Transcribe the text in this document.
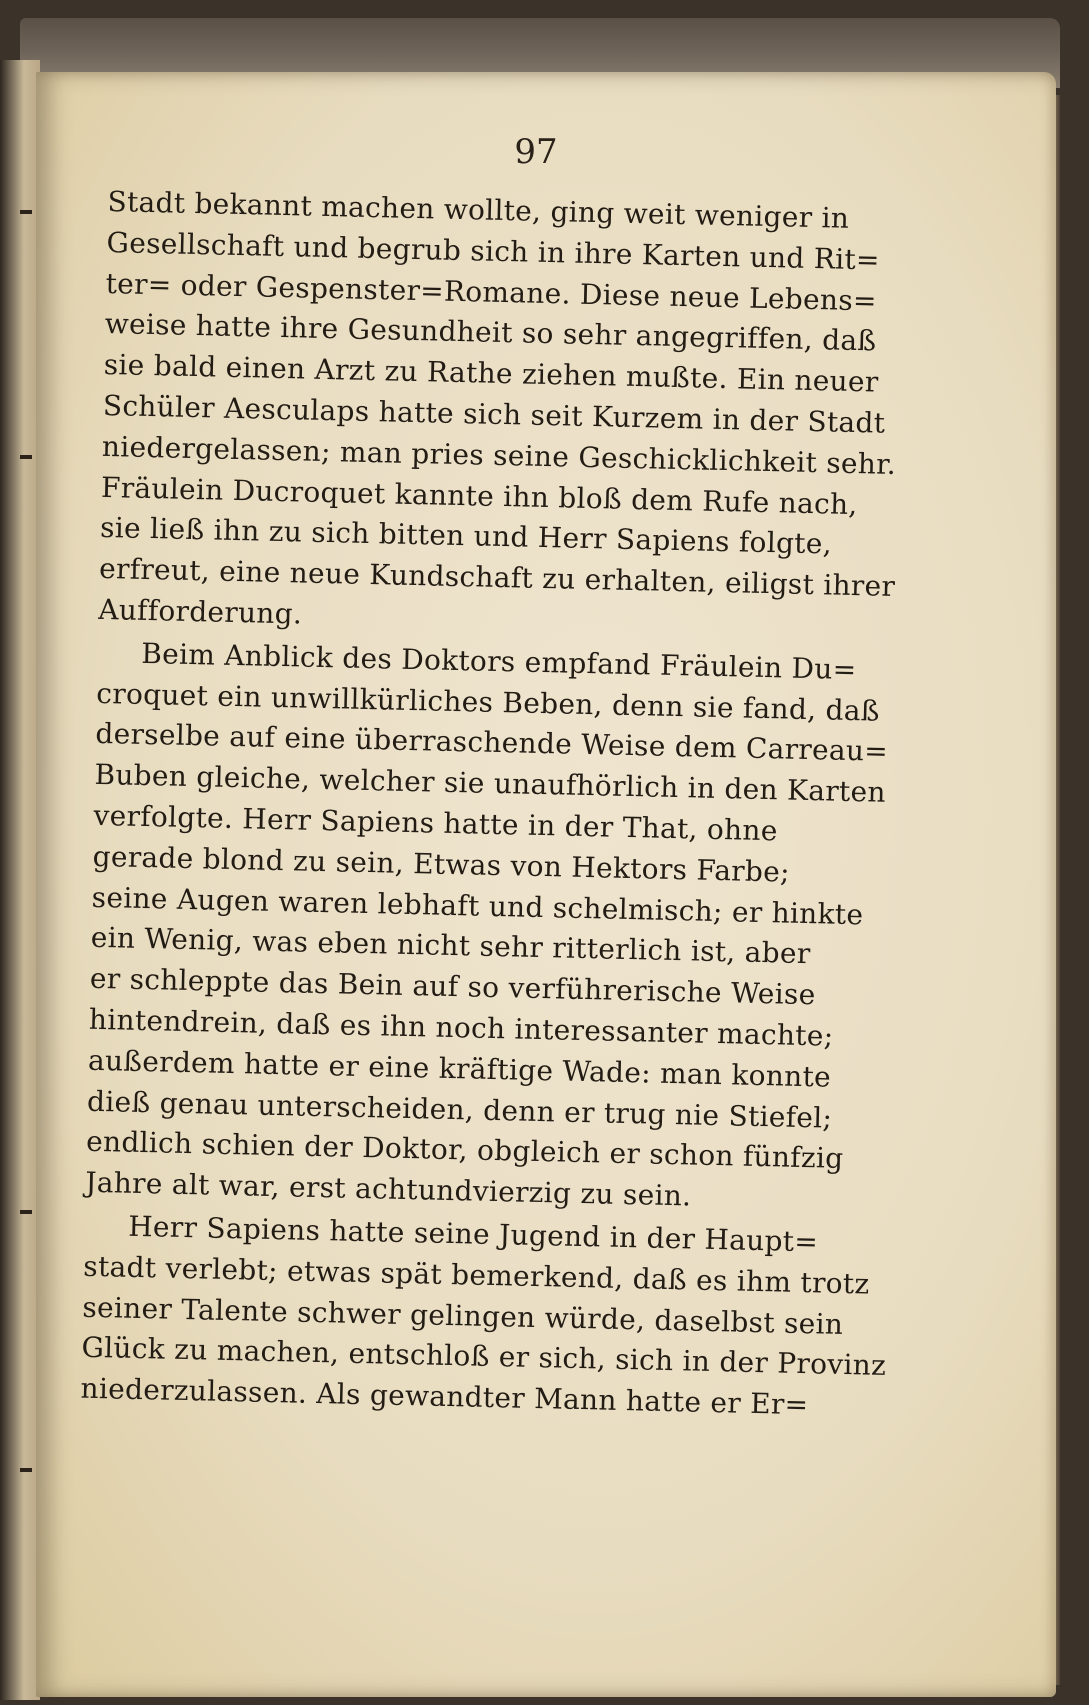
97
Stadt bekannt machen wollte, ging weit weniger in
Gesellschaft und begrub sich in ihre Karten und Rit=
ter= oder Gespenster=Romane. Diese neue Lebens=
weise hatte ihre Gesundheit so sehr angegriffen, daß
sie bald einen Arzt zu Rathe ziehen mußte. Ein neuer
Schüler Aesculaps hatte sich seit Kurzem in der Stadt
niedergelassen; man pries seine Geschicklichkeit sehr.
Fräulein Ducroquet kannte ihn bloß dem Rufe nach,
sie ließ ihn zu sich bitten und Herr Sapiens folgte,
erfreut, eine neue Kundschaft zu erhalten, eiligst ihrer
Aufforderung.
Beim Anblick des Doktors empfand Fräulein Du=
croquet ein unwillkürliches Beben, denn sie fand, daß
derselbe auf eine überraschende Weise dem Carreau=
Buben gleiche, welcher sie unaufhörlich in den Karten
verfolgte. Herr Sapiens hatte in der That, ohne
gerade blond zu sein, Etwas von Hektors Farbe;
seine Augen waren lebhaft und schelmisch; er hinkte
ein Wenig, was eben nicht sehr ritterlich ist, aber
er schleppte das Bein auf so verführerische Weise
hintendrein, daß es ihn noch interessanter machte;
außerdem hatte er eine kräftige Wade: man konnte
dieß genau unterscheiden, denn er trug nie Stiefel;
endlich schien der Doktor, obgleich er schon fünfzig
Jahre alt war, erst achtundvierzig zu sein.
Herr Sapiens hatte seine Jugend in der Haupt=
stadt verlebt; etwas spät bemerkend, daß es ihm trotz
seiner Talente schwer gelingen würde, daselbst sein
Glück zu machen, entschloß er sich, sich in der Provinz
niederzulassen. Als gewandter Mann hatte er Er=
